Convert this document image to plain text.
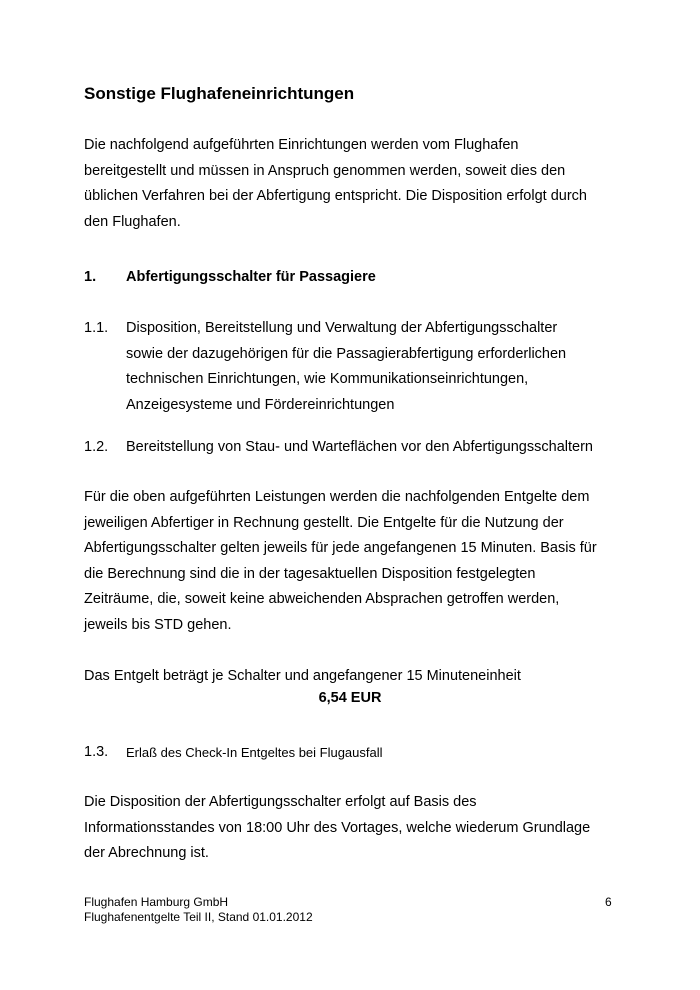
Sonstige Flughafeneinrichtungen
Die nachfolgend aufgeführten Einrichtungen werden vom Flughafen
bereitgestellt und müssen in Anspruch genommen werden, soweit dies den
üblichen Verfahren bei der Abfertigung entspricht. Die Disposition erfolgt durch
den Flughafen.
1.	Abfertigungsschalter für Passagiere
1.1.	Disposition, Bereitstellung und Verwaltung der Abfertigungsschalter
sowie der dazugehörigen für die Passagierabfertigung erforderlichen
technischen Einrichtungen, wie Kommunikationseinrichtungen,
Anzeigesysteme und Fördereinrichtungen
1.2.	Bereitstellung von Stau- und Warteflächen vor den Abfertigungsschaltern
Für die oben aufgeführten Leistungen werden die nachfolgenden Entgelte dem
jeweiligen Abfertiger in Rechnung gestellt. Die Entgelte für die Nutzung der
Abfertigungsschalter gelten jeweils für jede angefangenen 15 Minuten. Basis für
die Berechnung sind die in der tagesaktuellen Disposition festgelegten
Zeiträume, die, soweit keine abweichenden Absprachen getroffen werden,
jeweils bis STD gehen.
Das Entgelt beträgt je Schalter und angefangener 15 Minuteneinheit
6,54 EUR
1.3.	Erlaß des Check-In Entgeltes bei Flugausfall
Die Disposition der Abfertigungsschalter erfolgt auf Basis des
Informationsstandes von 18:00 Uhr des Vortages, welche wiederum Grundlage
der Abrechnung ist.
Flughafen Hamburg GmbH
Flughafenentgelte Teil II, Stand 01.01.2012
6
